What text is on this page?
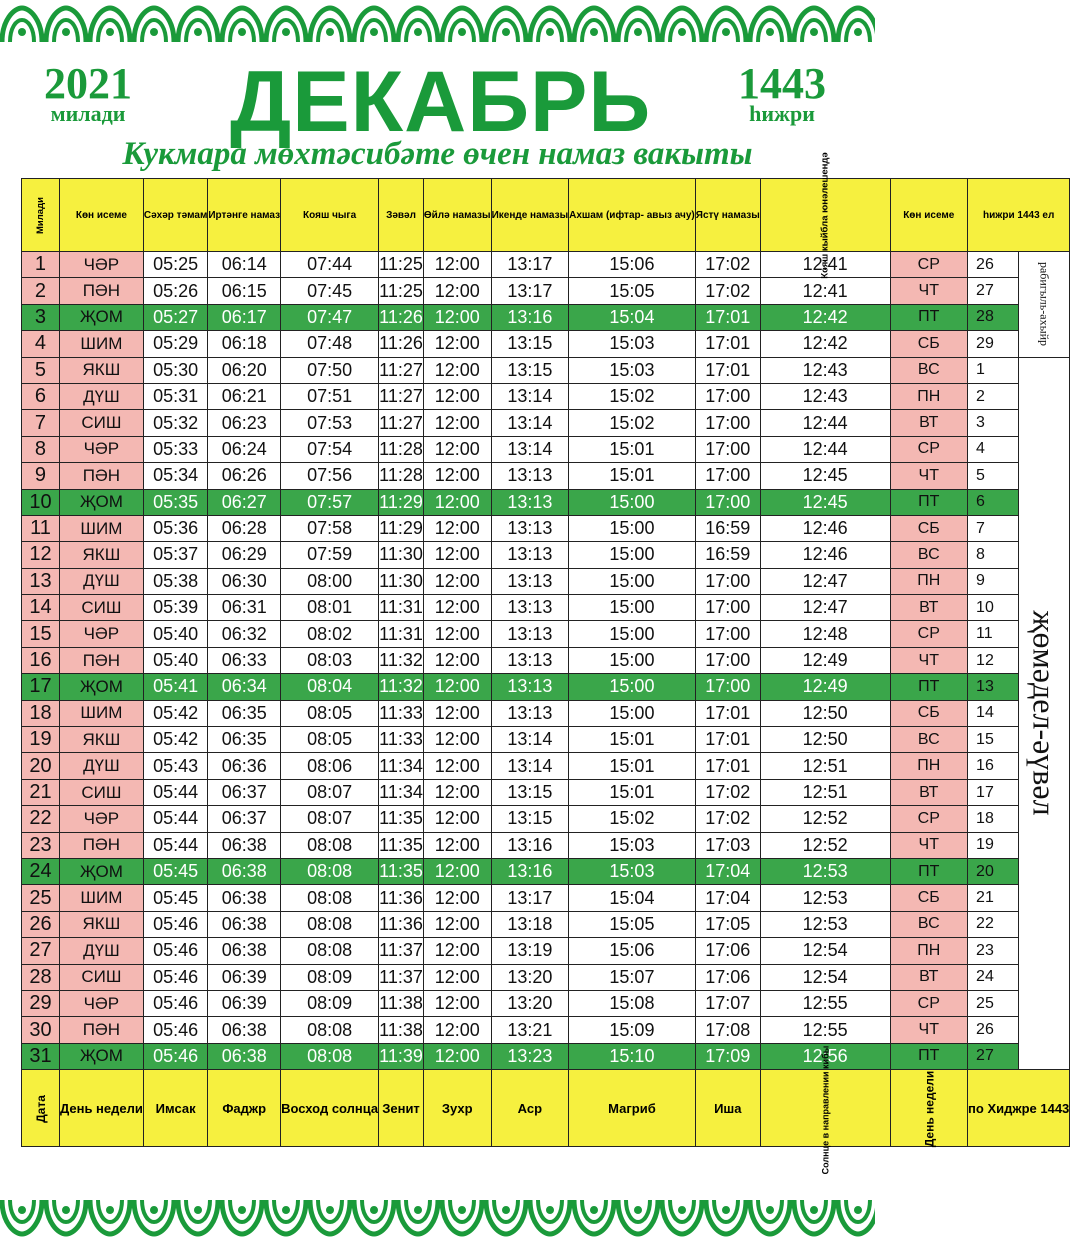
2021
милади ДЕКАБРЬ 1443
һижри
Кукмара мөхтәсибәте өчен намаз вакыты
Милади	Көн исеме	Сәхәр тәмам	Иртәнге намаз	Кояш чыга	Зәвәл	Өйлә намазы	Икенде намазы	Ахшам (ифтар- авыз ачу)	Ястү намазы	Кояш кыйбла юнәлешендә	Көн исеме	һижри 1443 ел	
1	ЧӘР	05:25	06:14	07:44	11:25	12:00	13:17	15:06	17:02	12:41	СР	26	рабигыль-ахыйр

2	ПӘН	05:26	06:15	07:45	11:25	12:00	13:17	15:05	17:02	12:41	ЧТ	27	
3	ҖОМ	05:27	06:17	07:47	11:26	12:00	13:16	15:04	17:01	12:42	ПТ	28	
4	ШИМ	05:29	06:18	07:48	11:26	12:00	13:15	15:03	17:01	12:42	СБ	29	
5	ЯКШ	05:30	06:20	07:50	11:27	12:00	13:15	15:03	17:01	12:43	ВС	1	җөмәдел-әүвәл

6	ДҮШ	05:31	06:21	07:51	11:27	12:00	13:14	15:02	17:00	12:43	ПН	2	
7	СИШ	05:32	06:23	07:53	11:27	12:00	13:14	15:02	17:00	12:44	ВТ	3	
8	ЧӘР	05:33	06:24	07:54	11:28	12:00	13:14	15:01	17:00	12:44	СР	4	
9	ПӘН	05:34	06:26	07:56	11:28	12:00	13:13	15:01	17:00	12:45	ЧТ	5	
10	ҖОМ	05:35	06:27	07:57	11:29	12:00	13:13	15:00	17:00	12:45	ПТ	6	
11	ШИМ	05:36	06:28	07:58	11:29	12:00	13:13	15:00	16:59	12:46	СБ	7	
12	ЯКШ	05:37	06:29	07:59	11:30	12:00	13:13	15:00	16:59	12:46	ВС	8	
13	ДҮШ	05:38	06:30	08:00	11:30	12:00	13:13	15:00	17:00	12:47	ПН	9	
14	СИШ	05:39	06:31	08:01	11:31	12:00	13:13	15:00	17:00	12:47	ВТ	10	
15	ЧӘР	05:40	06:32	08:02	11:31	12:00	13:13	15:00	17:00	12:48	СР	11	
16	ПӘН	05:40	06:33	08:03	11:32	12:00	13:13	15:00	17:00	12:49	ЧТ	12	
17	ҖОМ	05:41	06:34	08:04	11:32	12:00	13:13	15:00	17:00	12:49	ПТ	13	
18	ШИМ	05:42	06:35	08:05	11:33	12:00	13:13	15:00	17:01	12:50	СБ	14	
19	ЯКШ	05:42	06:35	08:05	11:33	12:00	13:14	15:01	17:01	12:50	ВС	15	
20	ДҮШ	05:43	06:36	08:06	11:34	12:00	13:14	15:01	17:01	12:51	ПН	16	
21	СИШ	05:44	06:37	08:07	11:34	12:00	13:15	15:01	17:02	12:51	ВТ	17	
22	ЧӘР	05:44	06:37	08:07	11:35	12:00	13:15	15:02	17:02	12:52	СР	18	
23	ПӘН	05:44	06:38	08:08	11:35	12:00	13:16	15:03	17:03	12:52	ЧТ	19	
24	ҖОМ	05:45	06:38	08:08	11:35	12:00	13:16	15:03	17:04	12:53	ПТ	20	
25	ШИМ	05:45	06:38	08:08	11:36	12:00	13:17	15:04	17:04	12:53	СБ	21	
26	ЯКШ	05:46	06:38	08:08	11:36	12:00	13:18	15:05	17:05	12:53	ВС	22	
27	ДҮШ	05:46	06:38	08:08	11:37	12:00	13:19	15:06	17:06	12:54	ПН	23	
28	СИШ	05:46	06:39	08:09	11:37	12:00	13:20	15:07	17:06	12:54	ВТ	24	
29	ЧӘР	05:46	06:39	08:09	11:38	12:00	13:20	15:08	17:07	12:55	СР	25	
30	ПӘН	05:46	06:38	08:08	11:38	12:00	13:21	15:09	17:08	12:55	ЧТ	26	
31	ҖОМ	05:46	06:38	08:08	11:39	12:00	13:23	15:10	17:09	12:56	ПТ	27	
Дата	День недели	Имсак	Фаджр	Восход солнца	Зенит	Зухр	Аср	Магриб	Иша	Солнце в направлении кибы	День недели	по Хиджре 1443	
